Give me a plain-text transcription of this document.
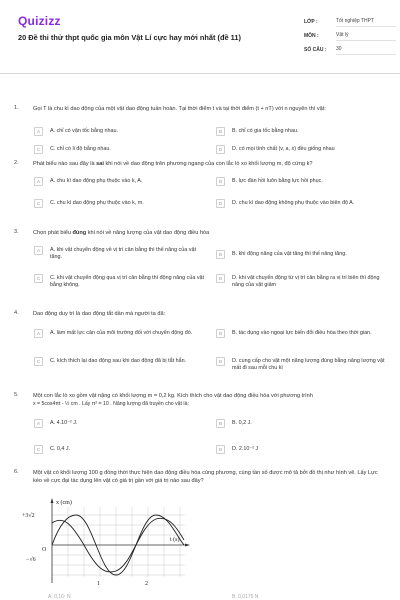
Quizizz
20 Đề thi thử thpt quốc gia môn Vật Lí cực hay mới nhất (đề 11)
LỚP :	Tốt nghiệp THPT
MÔN :	Vật lý
SỐ CÂU :	30
1.	Gọi T là chu kì dao động của một vật dao động tuần hoàn. Tại thời điểm t và tại thời điểm (t + nT) với n nguyên thì vật:
A	A. chỉ có vận tốc bằng nhau.	B	B. chỉ có gia tốc bằng nhau.
C	C. chỉ có li độ bằng nhau.	D	D. có mọi tính chất (v, a, x) đều giống nhau
2.	Phát biểu nào sau đây là sai khi nói về dao động trên phương ngang của con lắc lò xo khối lượng m, độ cứng k?
A	A. chu kì dao động phụ thuộc vào k, A.	B	B. lực đàn hồi luôn bằng lực hồi phục.
C	C. chu kì dao động phụ thuộc vào k, m.	D	D. chu kì dao động không phụ thuộc vào biên độ A.
3.	Chọn phát biểu đúng khi nói về năng lượng của vật dao động điều hòa
A	A. khi vật chuyển động về vị trí cân bằng thì thế năng của vật tăng.	B	B. khi động năng của vật tăng thì thế năng tăng.
C	C. khi vật chuyển động qua vị trí cân bằng thì động năng của vật bằng không.
D	D. khi vật chuyển động từ vị trí cân bằng ra vị trí biên thì động năng của vật giảm
4.	Dao động duy trì là dao động tắt dần mà người ta đã:
A	A. làm mất lực cản của môi trường đối với chuyển động đó.	B	B. tác dụng vào ngoại lực biến đổi điều hòa theo thời gian.
C	C. kích thích lại dao động sau khi dao động đã bị tắt hẳn.	D	D. cung cấp cho vật một năng lượng đúng bằng năng lượng vật mất đi sau mỗi chu kì
5.	Một con lắc lò xo gồm vật nặng có khối lượng m = 0,2 kg. Kích thích cho vật dao động điều hòa với phương trình
x = 5cos4πt - ½ cm . Lấy π² = 10 . Năng lượng đã truyền cho vật là:
A	A. 4.10⁻² J.	B	B. 0,2 J.
C	C. 0,4 J.	D	D. 2.10⁻² J
6.	Một vật có khối lượng 100 g đồng thời thực hiện dao động điều hòa cùng phương, cùng tần số được mô tả bởi đồ thị như hình vẽ. Lấy Lực kéo về cực đại tác dụng lên vật có giá trị gần với giá trị nào sau đây?
x (cm)
t (s)
+3√2
−√6
O
1	2
A. 0,16⁷ N	B. 0,0175 N
